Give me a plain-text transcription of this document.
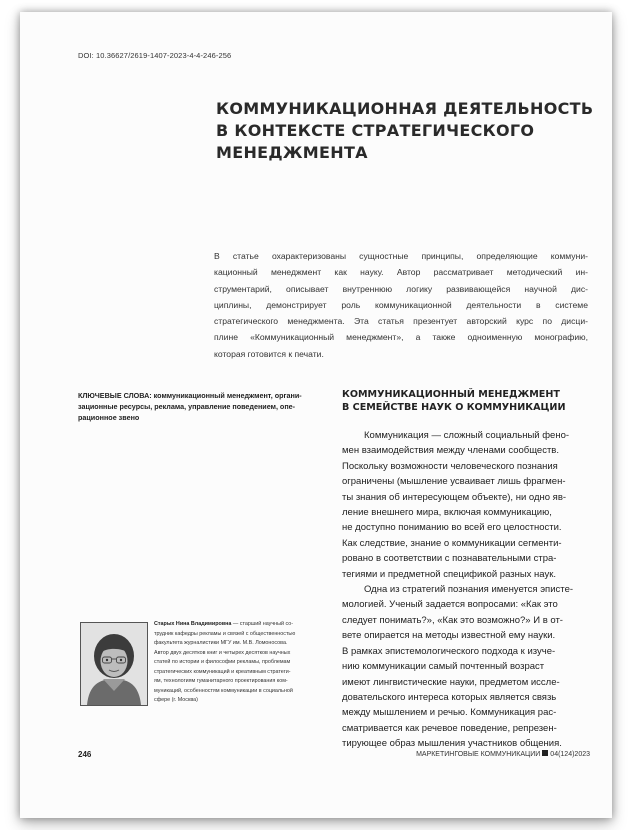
DOI: 10.36627/2619-1407-2023-4-4-246-256
КОММУНИКАЦИОННАЯ ДЕЯТЕЛЬНОСТЬ
В КОНТЕКСТЕ СТРАТЕГИЧЕСКОГО
МЕНЕДЖМЕНТА
В статье охарактеризованы сущностные принципы, определяющие коммуни-
кационный менеджмент как науку. Автор рассматривает методический ин-
струментарий, описывает внутреннюю логику развивающейся научной дис-
циплины, демонстрирует роль коммуникационной деятельности в системе
стратегического менеджмента. Эта статья презентует авторский курс по дисци-
плине «Коммуникационный менеджмент», а также одноименную монографию,
которая готовится к печати.
КЛЮЧЕВЫЕ СЛОВА: коммуникационный менеджмент, органи-
зационные ресурсы, реклама, управление поведением, опе-
рационное звено
КОММУНИКАЦИОННЫЙ МЕНЕДЖМЕНТ
В СЕМЕЙСТВЕ НАУК О КОММУНИКАЦИИ
Коммуникация — сложный социальный фено-
мен взаимодействия между членами сообществ.
Поскольку возможности человеческого познания
ограничены (мышление усваивает лишь фрагмен-
ты знания об интересующем объекте), ни одно яв-
ление внешнего мира, включая коммуникацию,
не доступно пониманию во всей его целостности.
Как следствие, знание о коммуникации сегменти-
ровано в соответствии с познавательными стра-
тегиями и предметной спецификой разных наук.
Одна из стратегий познания именуется эпистe-
мологией. Ученый задается вопросами: «Как это
следует понимать?», «Как это возможно?» И в от-
вете опирается на методы известной ему науки.
В рамках эпистемологического подхода к изуче-
нию коммуникации самый почтенный возраст
имеют лингвистические науки, предметом иссле-
довательского интереса которых является связь
между мышлением и речью. Коммуникация рас-
сматривается как речевое поведение, репрезен-
тирующее образ мышления участников общения.
Старых Нина Владимировна — старший научный со-
трудник кафедры рекламы и связей с общественностью
факультета журналистики МГУ им. М.В. Ломоносова.
Автор двух десятков книг и четырех десятков научных
статей по истории и философии рекламы, проблемам
стратегических коммуникаций и креативным стратеги-
ям, технологиям гуманитарного проектирования ком-
муникаций, особенностям коммуникации в социальной
сфере (г. Москва)
246	МАРКЕТИНГОВЫЕ КОММУНИКАЦИИ 04(124)2023
